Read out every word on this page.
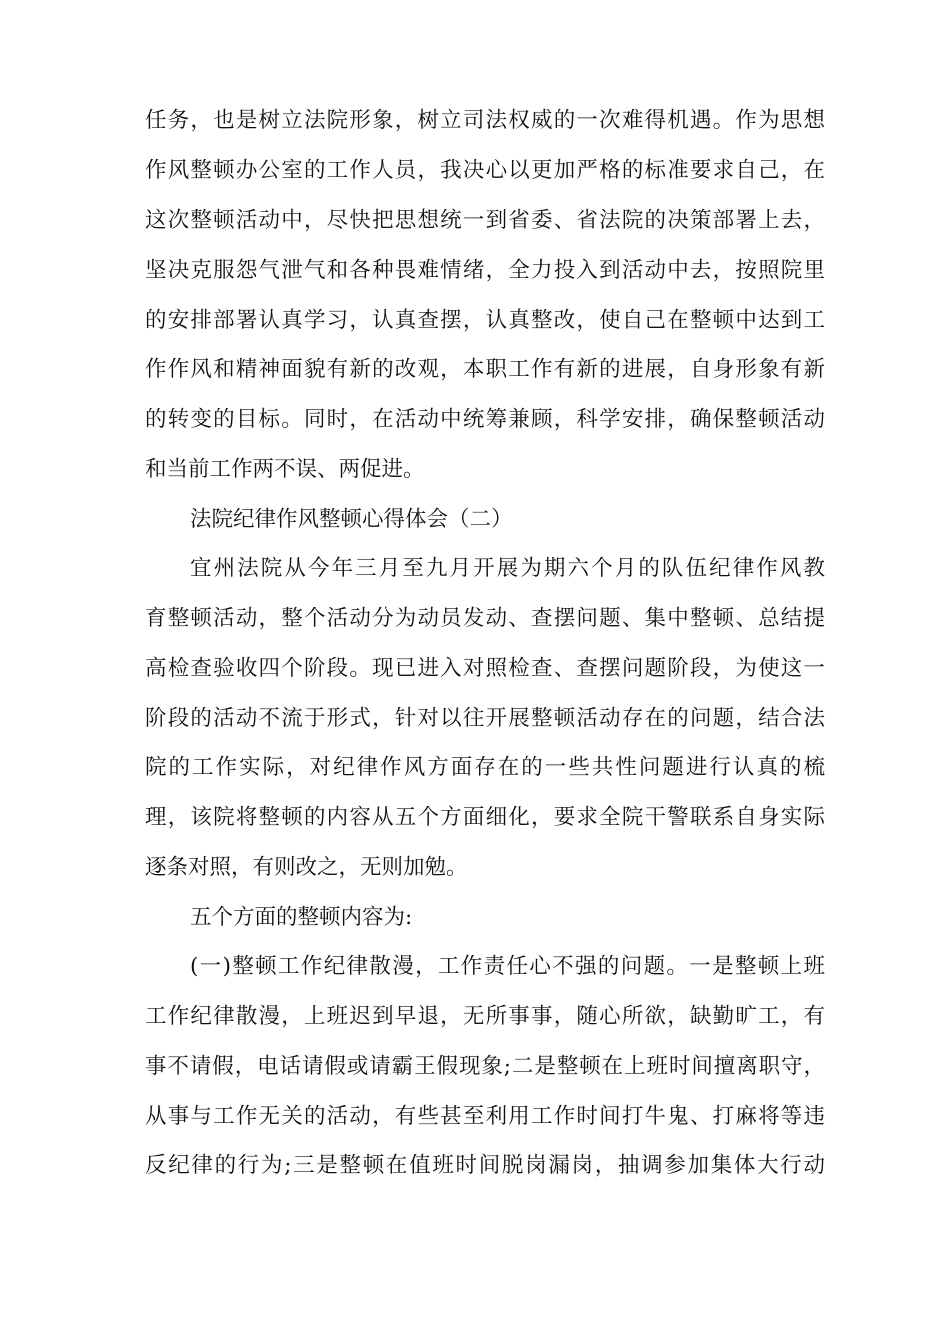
任务，也是树立法院形象，树立司法权威的一次难得机遇。作为思想
作风整顿办公室的工作人员，我决心以更加严格的标准要求自己，在
这次整顿活动中，尽快把思想统一到省委、省法院的决策部署上去，
坚决克服怨气泄气和各种畏难情绪，全力投入到活动中去，按照院里
的安排部署认真学习，认真查摆，认真整改，使自己在整顿中达到工
作作风和精神面貌有新的改观，本职工作有新的进展，自身形象有新
的转变的目标。同时，在活动中统筹兼顾，科学安排，确保整顿活动
和当前工作两不误、两促进。
法院纪律作风整顿心得体会（二）
宜州法院从今年三月至九月开展为期六个月的队伍纪律作风教
育整顿活动，整个活动分为动员发动、查摆问题、集中整顿、总结提
高检查验收四个阶段。现已进入对照检查、查摆问题阶段，为使这一
阶段的活动不流于形式，针对以往开展整顿活动存在的问题，结合法
院的工作实际，对纪律作风方面存在的一些共性问题进行认真的梳
理，该院将整顿的内容从五个方面细化，要求全院干警联系自身实际
逐条对照，有则改之，无则加勉。
五个方面的整顿内容为:
(一)整顿工作纪律散漫，工作责任心不强的问题。一是整顿上班
工作纪律散漫，上班迟到早退，无所事事，随心所欲，缺勤旷工，有
事不请假，电话请假或请霸王假现象;二是整顿在上班时间擅离职守，
从事与工作无关的活动，有些甚至利用工作时间打牛鬼、打麻将等违
反纪律的行为;三是整顿在值班时间脱岗漏岗，抽调参加集体大行动
